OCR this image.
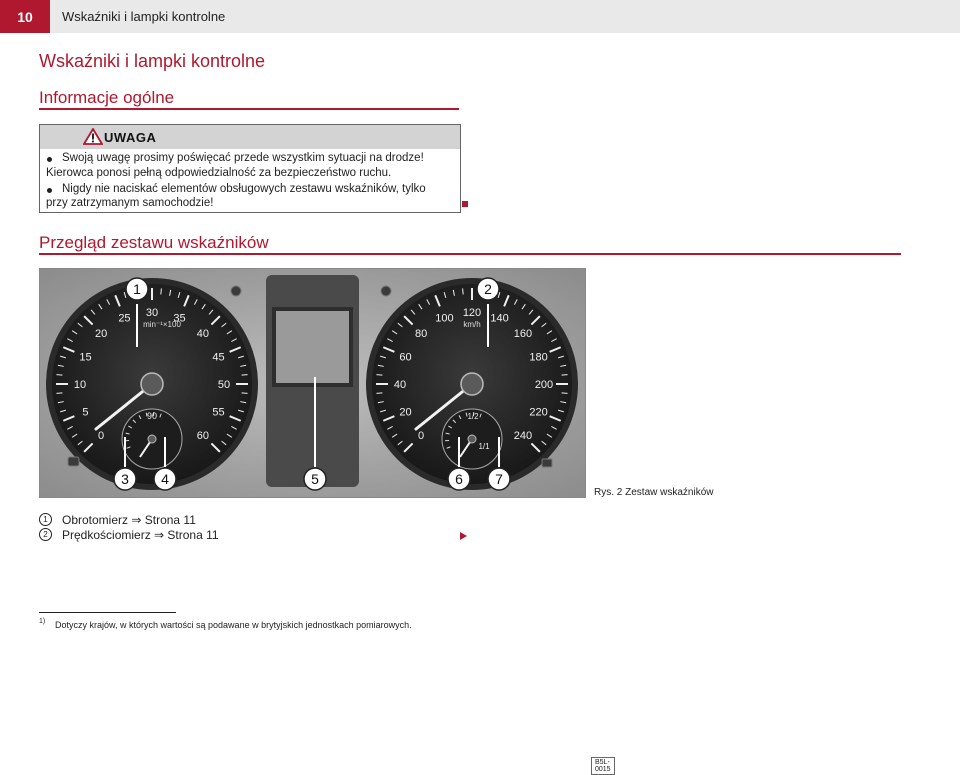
10	Wskaźniki i lampki kontrolne
Wskaźniki i lampki kontrolne
Informacje ogólne
UWAGA
Swoją uwagę prosimy poświęcać przede wszystkim sytuacji na drodze!
Kierowca ponosi pełną odpowiedzialność za bezpieczeństwo ruchu.
Nigdy nie naciskać elementów obsługowych zestawu wskaźników, tylko
przy zatrzymanym samochodzie!
Przegląd zestawu wskaźników
0
5
10
15
20
25 30 35
40
45
50
55
60	0
20
40
60
80
100 120 140
160
180
200
220
240
90	1/2
1/1
min⁻¹×100	km/h
1	2
3 4	5	6 7
B5L-0015
Rys. 2 Zestaw wskaźników
1	Obrotomierz ⇒ Strona 11
2	Prędkościomierz ⇒ Strona 11
1) Dotyczy krajów, w których wartości są podawane w brytyjskich jednostkach pomiarowych.
